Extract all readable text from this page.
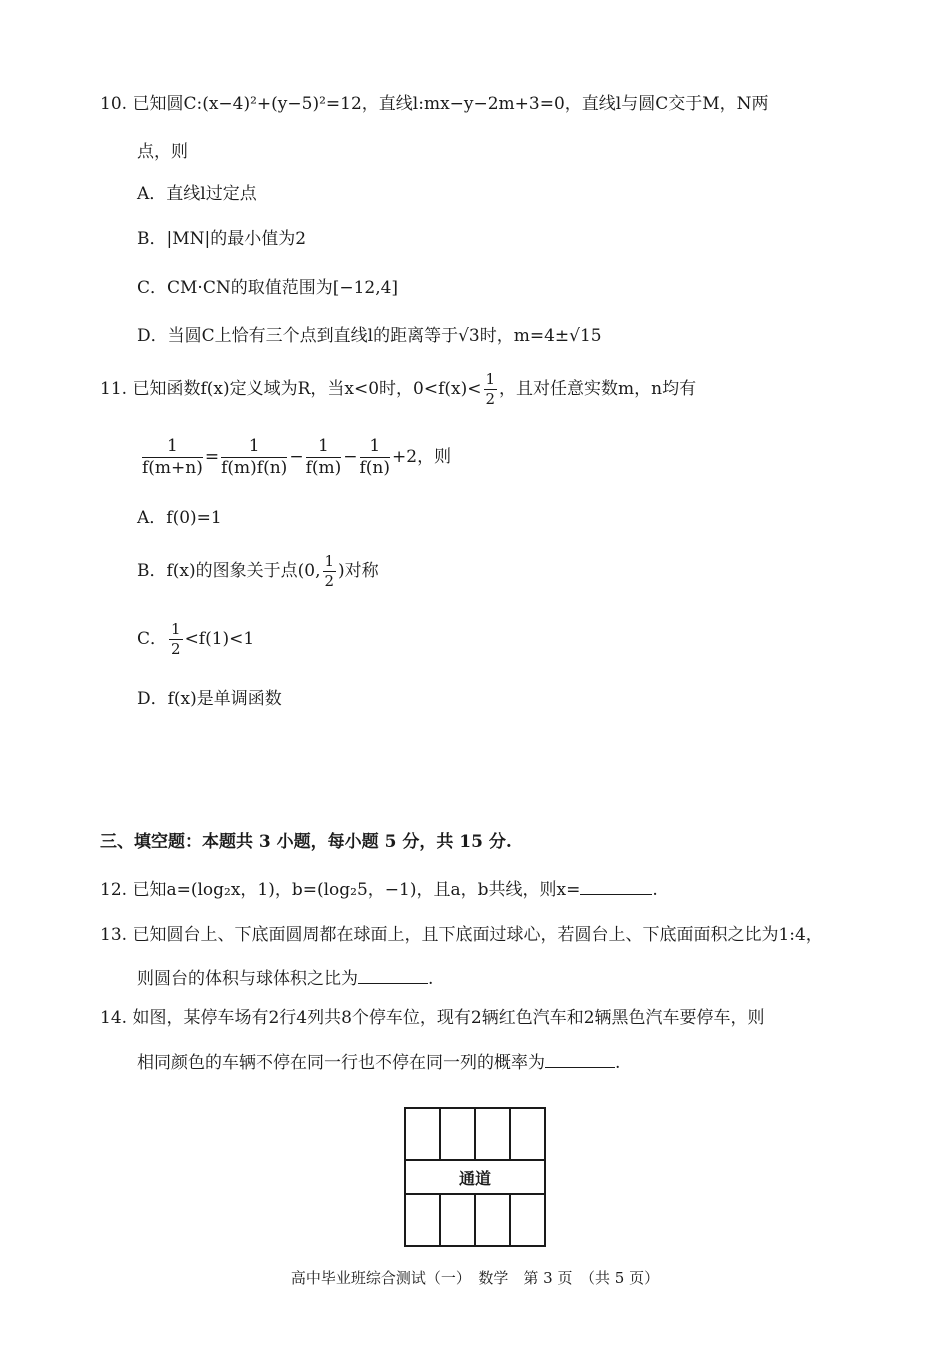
10. 已知圆C:(x−4)²+(y−5)²=12，直线l:mx−y−2m+3=0，直线l与圆C交于M，N两
点，则
A．直线l过定点
B．|MN|的最小值为2
C．CM·CN的取值范围为[−12,4]
D．当圆C上恰有三个点到直线l的距离等于√3时，m=4±√15
11. 已知函数f(x)定义域为R，当x<0时，$0<f(x)< \frac{1}{2}$ ，且对任意实数m，n均有
$\frac{1}{f(m+n)} = \frac{1}{f(m)f(n)} - \frac{1}{f(m)} - \frac{1}{f(n)} +2$，则
A．f(0)=1
B．f(x)的图象关于点(0, $\frac{1}{2}$ )对称
C． $\frac{1}{2} <f(1)<1$
D．f(x)是单调函数
三、填空题：本题共 3 小题，每小题 5 分，共 15 分.
12. 已知a=(log₂x，1)，b=(log₂5，−1)，且a，b共线，则x=	.
13. 已知圆台上、下底面圆周都在球面上，且下底面过球心，若圆台上、下底面面积之比为1:4，
则圆台的体积与球体积之比为	.
14. 如图，某停车场有2行4列共8个停车位，现有2辆红色汽车和2辆黑色汽车要停车，则
相同颜色的车辆不停在同一行也不停在同一列的概率为	.
通道
高中毕业班综合测试（一）　数学　第 3 页　（共 5 页）
